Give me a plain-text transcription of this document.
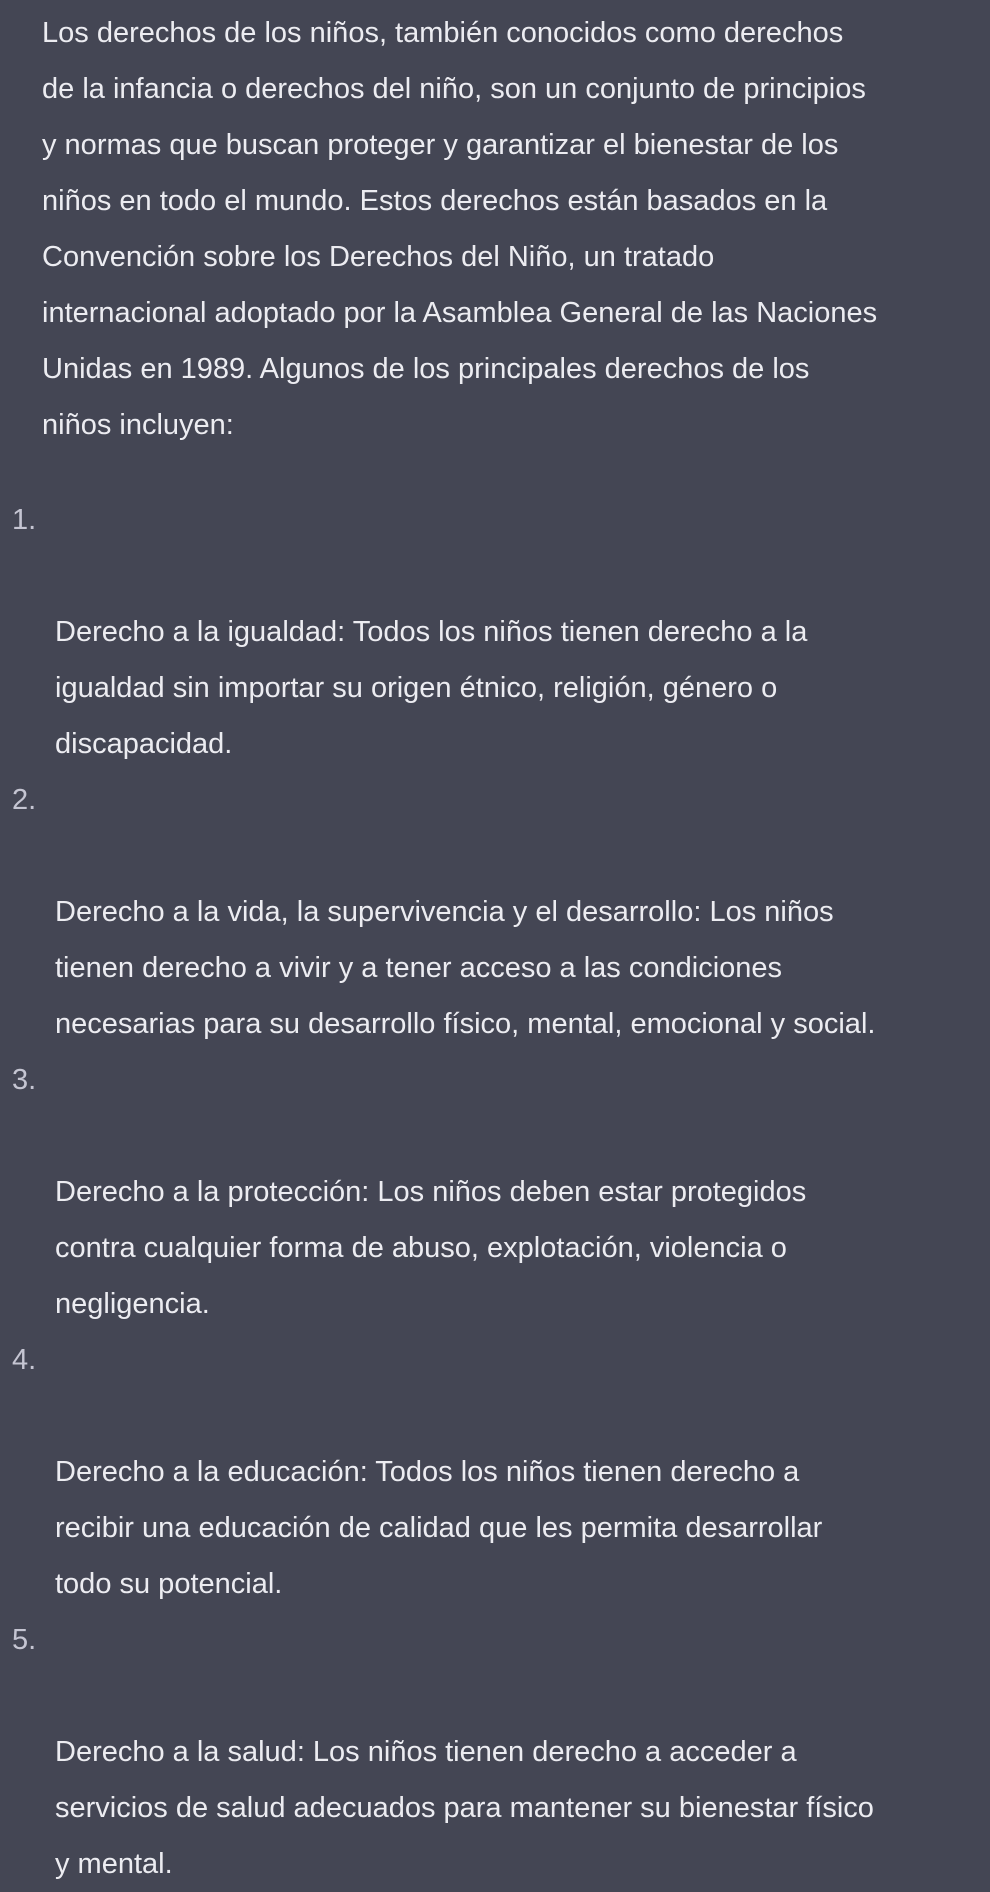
Los derechos de los niños, también conocidos como derechos
de la infancia o derechos del niño, son un conjunto de principios
y normas que buscan proteger y garantizar el bienestar de los
niños en todo el mundo. Estos derechos están basados en la
Convención sobre los Derechos del Niño, un tratado
internacional adoptado por la Asamblea General de las Naciones
Unidas en 1989. Algunos de los principales derechos de los
niños incluyen:

1.

Derecho a la igualdad: Todos los niños tienen derecho a la
igualdad sin importar su origen étnico, religión, género o
discapacidad.

2.

Derecho a la vida, la supervivencia y el desarrollo: Los niños
tienen derecho a vivir y a tener acceso a las condiciones
necesarias para su desarrollo físico, mental, emocional y social.

3.

Derecho a la protección: Los niños deben estar protegidos
contra cualquier forma de abuso, explotación, violencia o
negligencia.

4.

Derecho a la educación: Todos los niños tienen derecho a
recibir una educación de calidad que les permita desarrollar
todo su potencial.

5.

Derecho a la salud: Los niños tienen derecho a acceder a
servicios de salud adecuados para mantener su bienestar físico
y mental.
